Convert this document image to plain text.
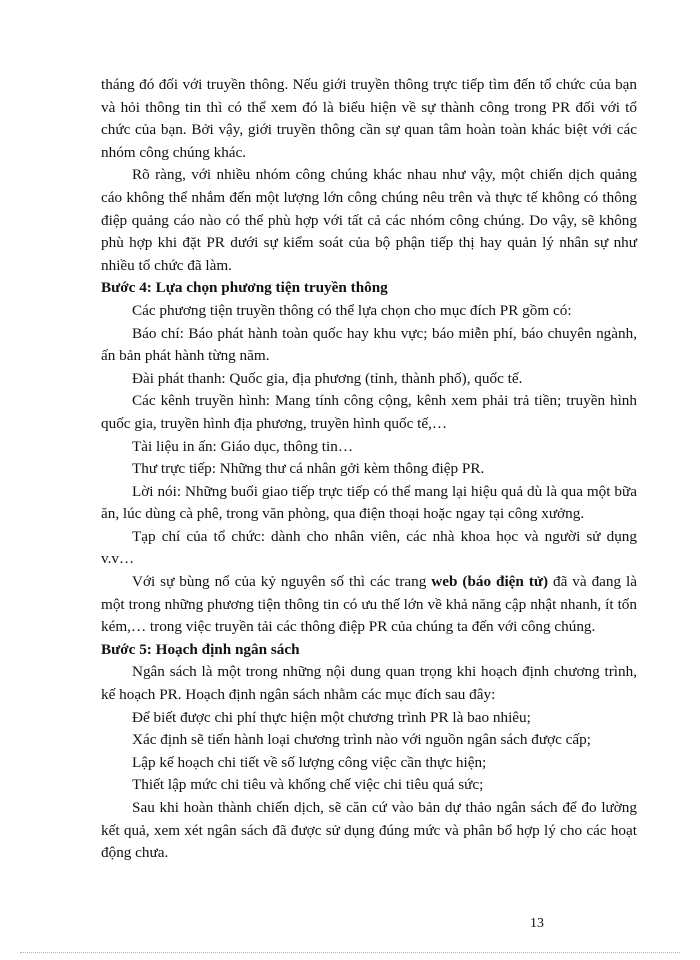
tháng đó đối với truyền thông. Nếu giới truyền thông trực tiếp tìm đến tổ chức của bạn và hỏi thông tin thì có thể xem đó là biểu hiện về sự thành công trong PR đối với tổ chức của bạn. Bởi vậy, giới truyền thông cần sự quan tâm hoàn toàn khác biệt với các nhóm công chúng khác.

Rõ ràng, với nhiều nhóm công chúng khác nhau như vậy, một chiến dịch quảng cáo không thể nhắm đến một lượng lớn công chúng nêu trên và thực tế không có thông điệp quảng cáo nào có thể phù hợp với tất cả các nhóm công chúng. Do vậy, sẽ không phù hợp khi đặt PR dưới sự kiểm soát của bộ phận tiếp thị hay quản lý nhân sự như nhiều tổ chức đã làm.

Bước 4: Lựa chọn phương tiện truyền thông

Các phương tiện truyền thông có thể lựa chọn cho mục đích PR gồm có:

Báo chí: Báo phát hành toàn quốc hay khu vực; báo miễn phí, báo chuyên ngành, ấn bản phát hành từng năm.

Đài phát thanh: Quốc gia, địa phương (tỉnh, thành phố), quốc tế.

Các kênh truyền hình: Mang tính công cộng, kênh xem phải trả tiền; truyền hình quốc gia, truyền hình địa phương, truyền hình quốc tế,…

Tài liệu in ấn: Giáo dục, thông tin…

Thư trực tiếp: Những thư cá nhân gởi kèm thông điệp PR.

Lời nói: Những buổi giao tiếp trực tiếp có thể mang lại hiệu quả dù là qua một bữa ăn, lúc dùng cà phê, trong văn phòng, qua điện thoại hoặc ngay tại công xưởng.

Tạp chí của tổ chức: dành cho nhân viên, các nhà khoa học và người sử dụng v.v…

Với sự bùng nổ của kỷ nguyên số thì các trang web (báo điện tử) đã và đang là một trong những phương tiện thông tin có ưu thế lớn về khả năng cập nhật nhanh, ít tốn kém,… trong việc truyền tải các thông điệp PR của chúng ta đến với công chúng.

Bước 5: Hoạch định ngân sách

Ngân sách là một trong những nội dung quan trọng khi hoạch định chương trình, kế hoạch PR. Hoạch định ngân sách nhằm các mục đích sau đây:

Để biết được chi phí thực hiện một chương trình PR là bao nhiêu;

Xác định sẽ tiến hành loại chương trình nào với nguồn ngân sách được cấp;

Lập kế hoạch chi tiết về số lượng công việc cần thực hiện;

Thiết lập mức chi tiêu và khống chế việc chi tiêu quá sức;

Sau khi hoàn thành chiến dịch, sẽ căn cứ vào bản dự thảo ngân sách để đo lường kết quả, xem xét ngân sách đã được sử dụng đúng mức và phân bổ hợp lý cho các hoạt động chưa.

13
